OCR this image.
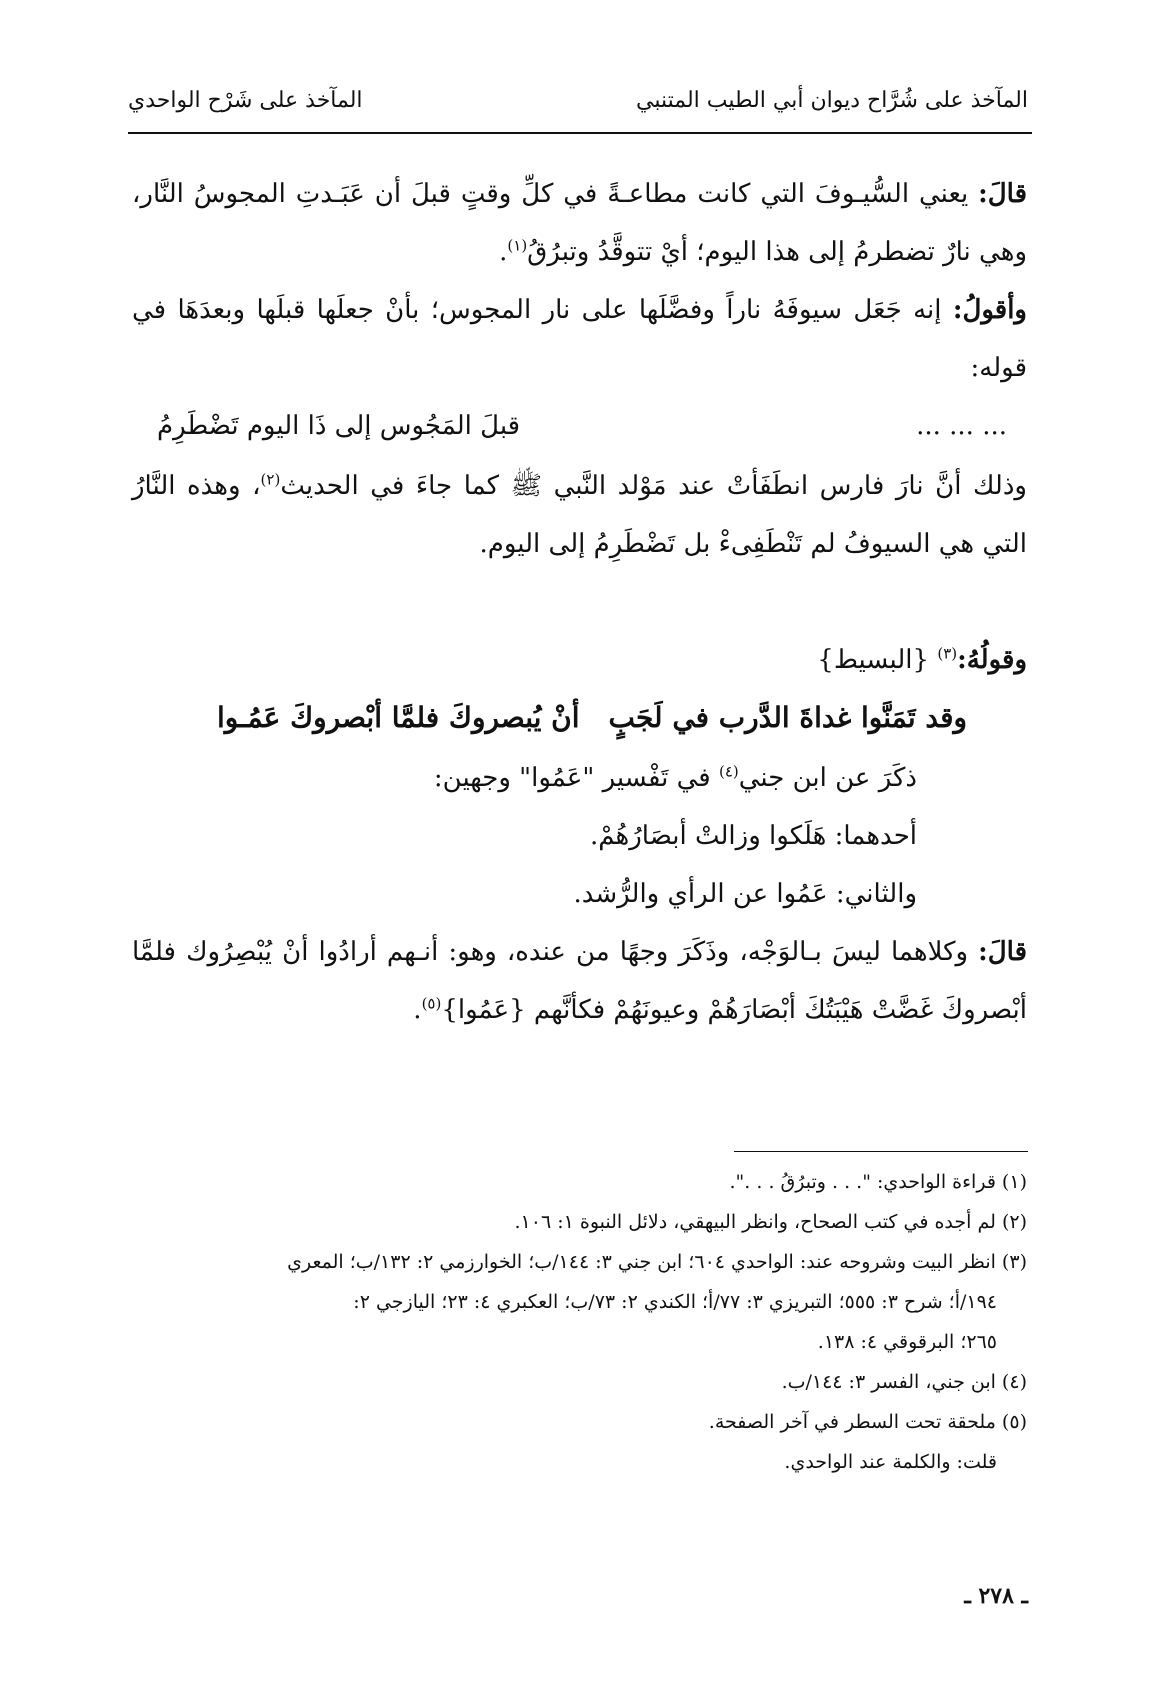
المآخذ على شُرَّاح ديوان أبي الطيب المتنبي
المآخذ على شَرْح الواحدي

قالَ: يعني السُّيـوفَ التي كانت مطاعـةً في كلِّ وقتٍ قبلَ أن عَبَـدتِ المجوسُ النَّار، وهي نارٌ تضطرمُ إلى هذا اليوم؛ أيْ تتوقَّدُ وتبرُقُ$^{(١)}$.

وأقولُ: إنه جَعَل سيوفَهُ ناراً وفضَّلَها على نار المجوس؛ بأنْ جعلَها قبلَها وبعدَهَا في قوله:

... ... ...
قبلَ المَجُوس إلى ذَا اليوم تَضْطَرِمُ

وذلك أنَّ نارَ فارس انطَفَأتْ عند مَوْلد النَّبي ﷺ كما جاءَ في الحديث$^{(٢)}$، وهذه النَّارُ التي هي السيوفُ لم تَنْطَفِىءْ بل تَضْطَرِمُ إلى اليوم.

وقولُهُ:$^{(٣)}$ {البسيط}

وقد تَمَنَّوا غداةَ الدَّرب في لَجَبٍ
أنْ يُبصروكَ فلمَّا أبْصروكَ عَمُـوا

ذكَرَ عن ابن جني$^{(٤)}$ في تَفْسير "عَمُوا" وجهين:

أحدهما: هَلَكوا وزالتْ أبصَارُهُمْ.

والثاني: عَمُوا عن الرأي والرُّشد.

قالَ: وكلاهما ليسَ بـالوَجْه، وذَكَرَ وجهًا من عنده، وهو: أنـهم أرادُوا أنْ يُبْصِرُوك فلمَّا أبْصروكَ غَضَّتْ هَيْبَتُكَ أبْصَارَهُمْ وعيونَهُمْ فكأنَّهم {عَمُوا}$^{(٥)}$.

(١) قراءة الواحدي: ". . . وتبرُقُ . . .".

(٢) لم أجده في كتب الصحاح، وانظر البيهقي، دلائل النبوة ١: ١٠٦.

(٣) انظر البيت وشروحه عند: الواحدي ٦٠٤؛ ابن جني ٣: ١٤٤/ب؛ الخوارزمي ٢: ١٣٢/ب؛ المعري

١٩٤/أ؛ شرح ٣: ٥٥٥؛ التبريزي ٣: ٧٧/أ؛ الكندي ٢: ٧٣/ب؛ العكبري ٤: ٢٣؛ اليازجي ٢:

٢٦٥؛ البرقوقي ٤: ١٣٨.

(٤) ابن جني، الفسر ٣: ١٤٤/ب.

(٥) ملحقة تحت السطر في آخر الصفحة.

قلت: والكلمة عند الواحدي.

ـ ٢٧٨ ـ
